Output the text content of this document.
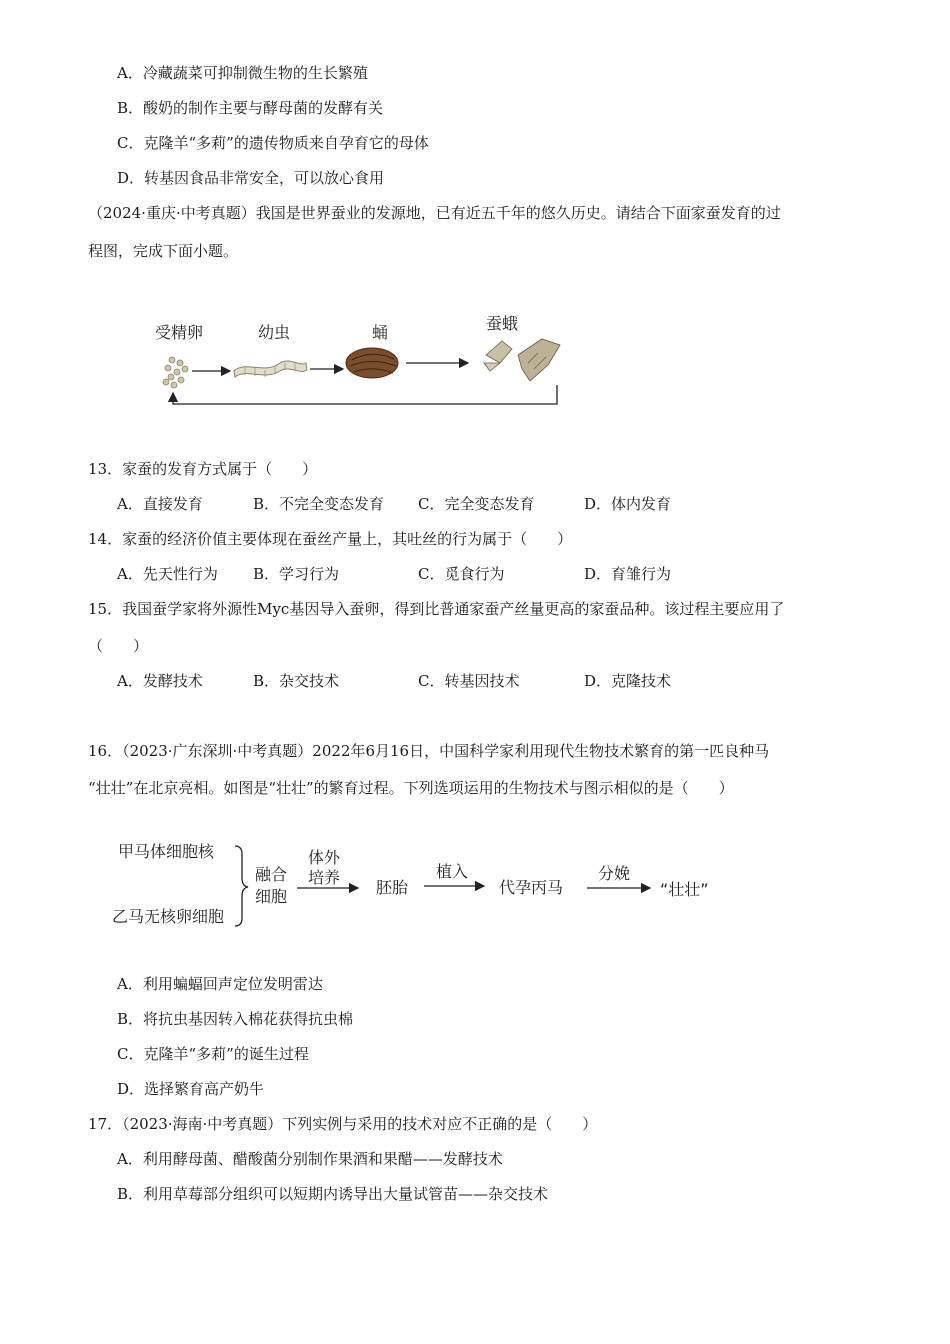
A．冷藏蔬菜可抑制微生物的生长繁殖
B．酸奶的制作主要与酵母菌的发酵有关
C．克隆羊“多莉”的遗传物质来自孕育它的母体
D．转基因食品非常安全，可以放心食用
（2024·重庆·中考真题）我国是世界蚕业的发源地，已有近五千年的悠久历史。请结合下面家蚕发育的过
程图，完成下面小题。
受精卵	幼虫	蛹	蚕蛾
13．家蚕的发育方式属于（　　）
A．直接发育	B．不完全变态发育 C．完全变态发育	D．体内发育
14．家蚕的经济价值主要体现在蚕丝产量上，其吐丝的行为属于（　　）
A．先天性行为 B．学习行为	C．觅食行为	D．育雏行为
15．我国蚕学家将外源性Myc基因导入蚕卵，得到比普通家蚕产丝量更高的家蚕品种。该过程主要应用了
（　　）
A．发酵技术	B．杂交技术	C．转基因技术	D．克隆技术
16．（2023·广东深圳·中考真题）2022年6月16日，中国科学家利用现代生物技术繁育的第一匹良种马
“壮壮”在北京亮相。如图是“壮壮”的繁育过程。下列选项运用的生物技术与图示相似的是（　　）
甲马体细胞核
乙马无核卵细胞
融合
细胞
体外
培养
胚胎
植入
代孕丙马
分娩
“壮壮”
A．利用蝙蝠回声定位发明雷达
B．将抗虫基因转入棉花获得抗虫棉
C．克隆羊“多莉”的诞生过程
D．选择繁育高产奶牛
17．（2023·海南·中考真题）下列实例与采用的技术对应不正确的是（　　）
A．利用酵母菌、醋酸菌分别制作果酒和果醋——发酵技术
B．利用草莓部分组织可以短期内诱导出大量试管苗——杂交技术
